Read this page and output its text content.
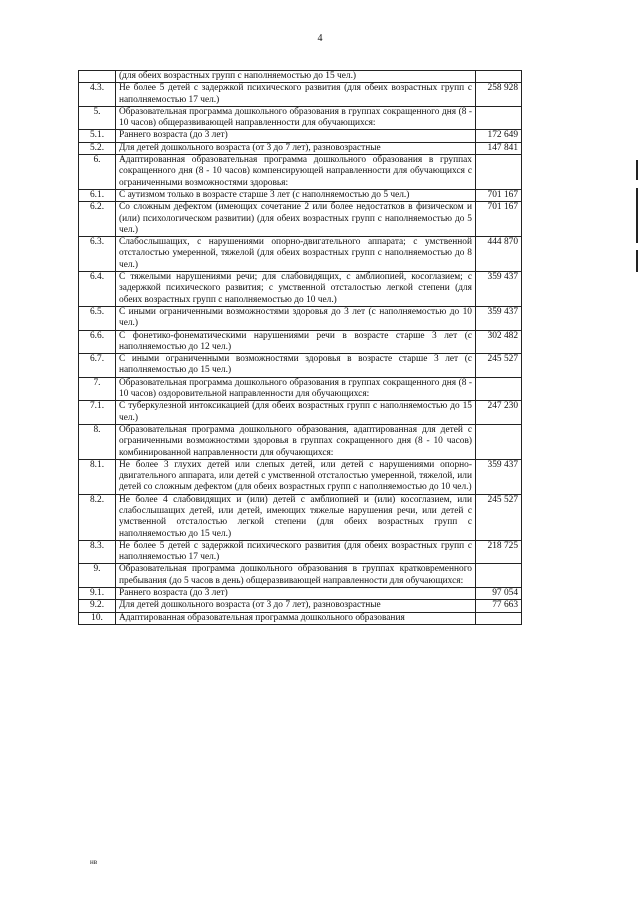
4
	(для обеих возрастных групп с наполняемостью до 15 чел.)	
4.3.	Не более 5 детей с задержкой психического развития (для обеих возрастных групп с наполняемостью 17 чел.)	258 928
5.	Образовательная программа дошкольного образования в группах сокращенного дня (8 - 10 часов) общеразвивающей направленности для обучающихся:	
5.1.	Раннего возраста (до 3 лет)	172 649
5.2.	Для детей дошкольного возраста (от 3 до 7 лет), разновозрастные	147 841
6.	Адаптированная образовательная программа дошкольного образования в группах сокращенного дня (8 - 10 часов) компенсирующей направленности для обучающихся с ограниченными возможностями здоровья:	
6.1.	С аутизмом только в возрасте старше 3 лет (с наполняемостью до 5 чел.)	701 167
6.2.	Со сложным дефектом (имеющих сочетание 2 или более недостатков в физическом и (или) психологическом развитии) (для обеих возрастных групп с наполняемостью до 5 чел.)	701 167
6.3.	Слабослышащих, с нарушениями опорно-двигательного аппарата; с умственной отсталостью умеренной, тяжелой (для обеих возрастных групп с наполняемостью до 8 чел.)	444 870
6.4.	С тяжелыми нарушениями речи; для слабовидящих, с амблиопией, косоглазием; с задержкой психического развития; с умственной отсталостью легкой степени (для обеих возрастных групп с наполняемостью до 10 чел.)	359 437
6.5.	С иными ограниченными возможностями здоровья до 3 лет (с наполняемостью до 10 чел.)	359 437
6.6.	С фонетико-фонематическими нарушениями речи в возрасте старше 3 лет (с наполняемостью до 12 чел.)	302 482
6.7.	С иными ограниченными возможностями здоровья в возрасте старше 3 лет (с наполняемостью до 15 чел.)	245 527
7.	Образовательная программа дошкольного образования в группах сокращенного дня (8 - 10 часов) оздоровительной направленности для обучающихся:	
7.1.	С туберкулезной интоксикацией (для обеих возрастных групп с наполняемостью до 15 чел.)	247 230
8.	Образовательная программа дошкольного образования, адаптированная для детей с ограниченными возможностями здоровья в группах сокращенного дня (8 - 10 часов) комбинированной направленности для обучающихся:	
8.1.	Не более 3 глухих детей или слепых детей, или детей с нарушениями опорно-двигательного аппарата, или детей с умственной отсталостью умеренной, тяжелой, или детей со сложным дефектом (для обеих возрастных групп с наполняемостью до 10 чел.)	359 437
8.2.	Не более 4 слабовидящих и (или) детей с амблиопией и (или) косоглазием, или слабослышащих детей, или детей, имеющих тяжелые нарушения речи, или детей с умственной отсталостью легкой степени (для обеих возрастных групп с наполняемостью до 15 чел.)	245 527
8.3.	Не более 5 детей с задержкой психического развития (для обеих возрастных групп с наполняемостью 17 чел.)	218 725
9.	Образовательная программа дошкольного образования в группах кратковременного пребывания (до 5 часов в день) общеразвивающей направленности для обучающихся:	
9.1.	Раннего возраста (до 3 лет)	97 054
9.2.	Для детей дошкольного возраста (от 3 до 7 лет), разновозрастные	77 663
10.	Адаптированная образовательная программа дошкольного образования	
нв
